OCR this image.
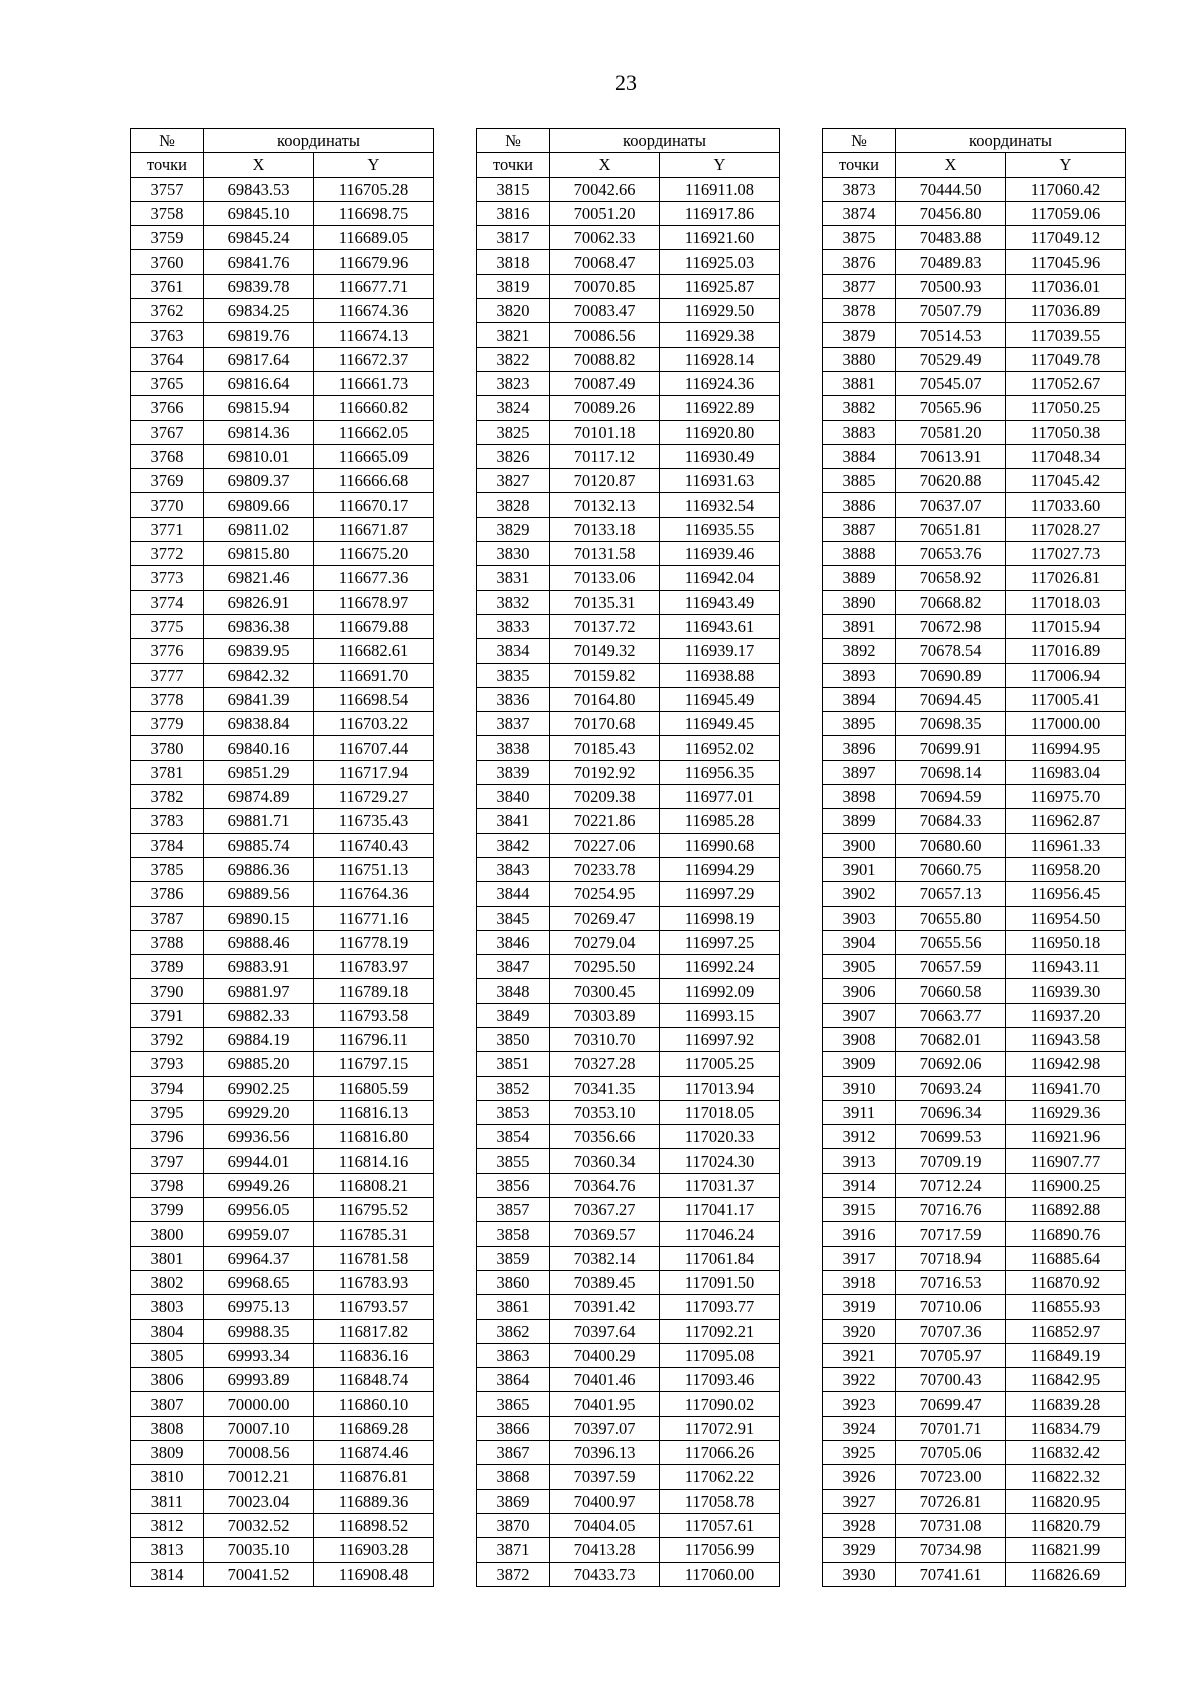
23
№	координаты	
точки	X	Y
3757	69843.53	116705.28
3758	69845.10	116698.75
3759	69845.24	116689.05
3760	69841.76	116679.96
3761	69839.78	116677.71
3762	69834.25	116674.36
3763	69819.76	116674.13
3764	69817.64	116672.37
3765	69816.64	116661.73
3766	69815.94	116660.82
3767	69814.36	116662.05
3768	69810.01	116665.09
3769	69809.37	116666.68
3770	69809.66	116670.17
3771	69811.02	116671.87
3772	69815.80	116675.20
3773	69821.46	116677.36
3774	69826.91	116678.97
3775	69836.38	116679.88
3776	69839.95	116682.61
3777	69842.32	116691.70
3778	69841.39	116698.54
3779	69838.84	116703.22
3780	69840.16	116707.44
3781	69851.29	116717.94
3782	69874.89	116729.27
3783	69881.71	116735.43
3784	69885.74	116740.43
3785	69886.36	116751.13
3786	69889.56	116764.36
3787	69890.15	116771.16
3788	69888.46	116778.19
3789	69883.91	116783.97
3790	69881.97	116789.18
3791	69882.33	116793.58
3792	69884.19	116796.11
3793	69885.20	116797.15
3794	69902.25	116805.59
3795	69929.20	116816.13
3796	69936.56	116816.80
3797	69944.01	116814.16
3798	69949.26	116808.21
3799	69956.05	116795.52
3800	69959.07	116785.31
3801	69964.37	116781.58
3802	69968.65	116783.93
3803	69975.13	116793.57
3804	69988.35	116817.82
3805	69993.34	116836.16
3806	69993.89	116848.74
3807	70000.00	116860.10
3808	70007.10	116869.28
3809	70008.56	116874.46
3810	70012.21	116876.81
3811	70023.04	116889.36
3812	70032.52	116898.52
3813	70035.10	116903.28
3814	70041.52	116908.48
№	координаты	
точки	X	Y
3815	70042.66	116911.08
3816	70051.20	116917.86
3817	70062.33	116921.60
3818	70068.47	116925.03
3819	70070.85	116925.87
3820	70083.47	116929.50
3821	70086.56	116929.38
3822	70088.82	116928.14
3823	70087.49	116924.36
3824	70089.26	116922.89
3825	70101.18	116920.80
3826	70117.12	116930.49
3827	70120.87	116931.63
3828	70132.13	116932.54
3829	70133.18	116935.55
3830	70131.58	116939.46
3831	70133.06	116942.04
3832	70135.31	116943.49
3833	70137.72	116943.61
3834	70149.32	116939.17
3835	70159.82	116938.88
3836	70164.80	116945.49
3837	70170.68	116949.45
3838	70185.43	116952.02
3839	70192.92	116956.35
3840	70209.38	116977.01
3841	70221.86	116985.28
3842	70227.06	116990.68
3843	70233.78	116994.29
3844	70254.95	116997.29
3845	70269.47	116998.19
3846	70279.04	116997.25
3847	70295.50	116992.24
3848	70300.45	116992.09
3849	70303.89	116993.15
3850	70310.70	116997.92
3851	70327.28	117005.25
3852	70341.35	117013.94
3853	70353.10	117018.05
3854	70356.66	117020.33
3855	70360.34	117024.30
3856	70364.76	117031.37
3857	70367.27	117041.17
3858	70369.57	117046.24
3859	70382.14	117061.84
3860	70389.45	117091.50
3861	70391.42	117093.77
3862	70397.64	117092.21
3863	70400.29	117095.08
3864	70401.46	117093.46
3865	70401.95	117090.02
3866	70397.07	117072.91
3867	70396.13	117066.26
3868	70397.59	117062.22
3869	70400.97	117058.78
3870	70404.05	117057.61
3871	70413.28	117056.99
3872	70433.73	117060.00
№	координаты	
точки	X	Y
3873	70444.50	117060.42
3874	70456.80	117059.06
3875	70483.88	117049.12
3876	70489.83	117045.96
3877	70500.93	117036.01
3878	70507.79	117036.89
3879	70514.53	117039.55
3880	70529.49	117049.78
3881	70545.07	117052.67
3882	70565.96	117050.25
3883	70581.20	117050.38
3884	70613.91	117048.34
3885	70620.88	117045.42
3886	70637.07	117033.60
3887	70651.81	117028.27
3888	70653.76	117027.73
3889	70658.92	117026.81
3890	70668.82	117018.03
3891	70672.98	117015.94
3892	70678.54	117016.89
3893	70690.89	117006.94
3894	70694.45	117005.41
3895	70698.35	117000.00
3896	70699.91	116994.95
3897	70698.14	116983.04
3898	70694.59	116975.70
3899	70684.33	116962.87
3900	70680.60	116961.33
3901	70660.75	116958.20
3902	70657.13	116956.45
3903	70655.80	116954.50
3904	70655.56	116950.18
3905	70657.59	116943.11
3906	70660.58	116939.30
3907	70663.77	116937.20
3908	70682.01	116943.58
3909	70692.06	116942.98
3910	70693.24	116941.70
3911	70696.34	116929.36
3912	70699.53	116921.96
3913	70709.19	116907.77
3914	70712.24	116900.25
3915	70716.76	116892.88
3916	70717.59	116890.76
3917	70718.94	116885.64
3918	70716.53	116870.92
3919	70710.06	116855.93
3920	70707.36	116852.97
3921	70705.97	116849.19
3922	70700.43	116842.95
3923	70699.47	116839.28
3924	70701.71	116834.79
3925	70705.06	116832.42
3926	70723.00	116822.32
3927	70726.81	116820.95
3928	70731.08	116820.79
3929	70734.98	116821.99
3930	70741.61	116826.69
